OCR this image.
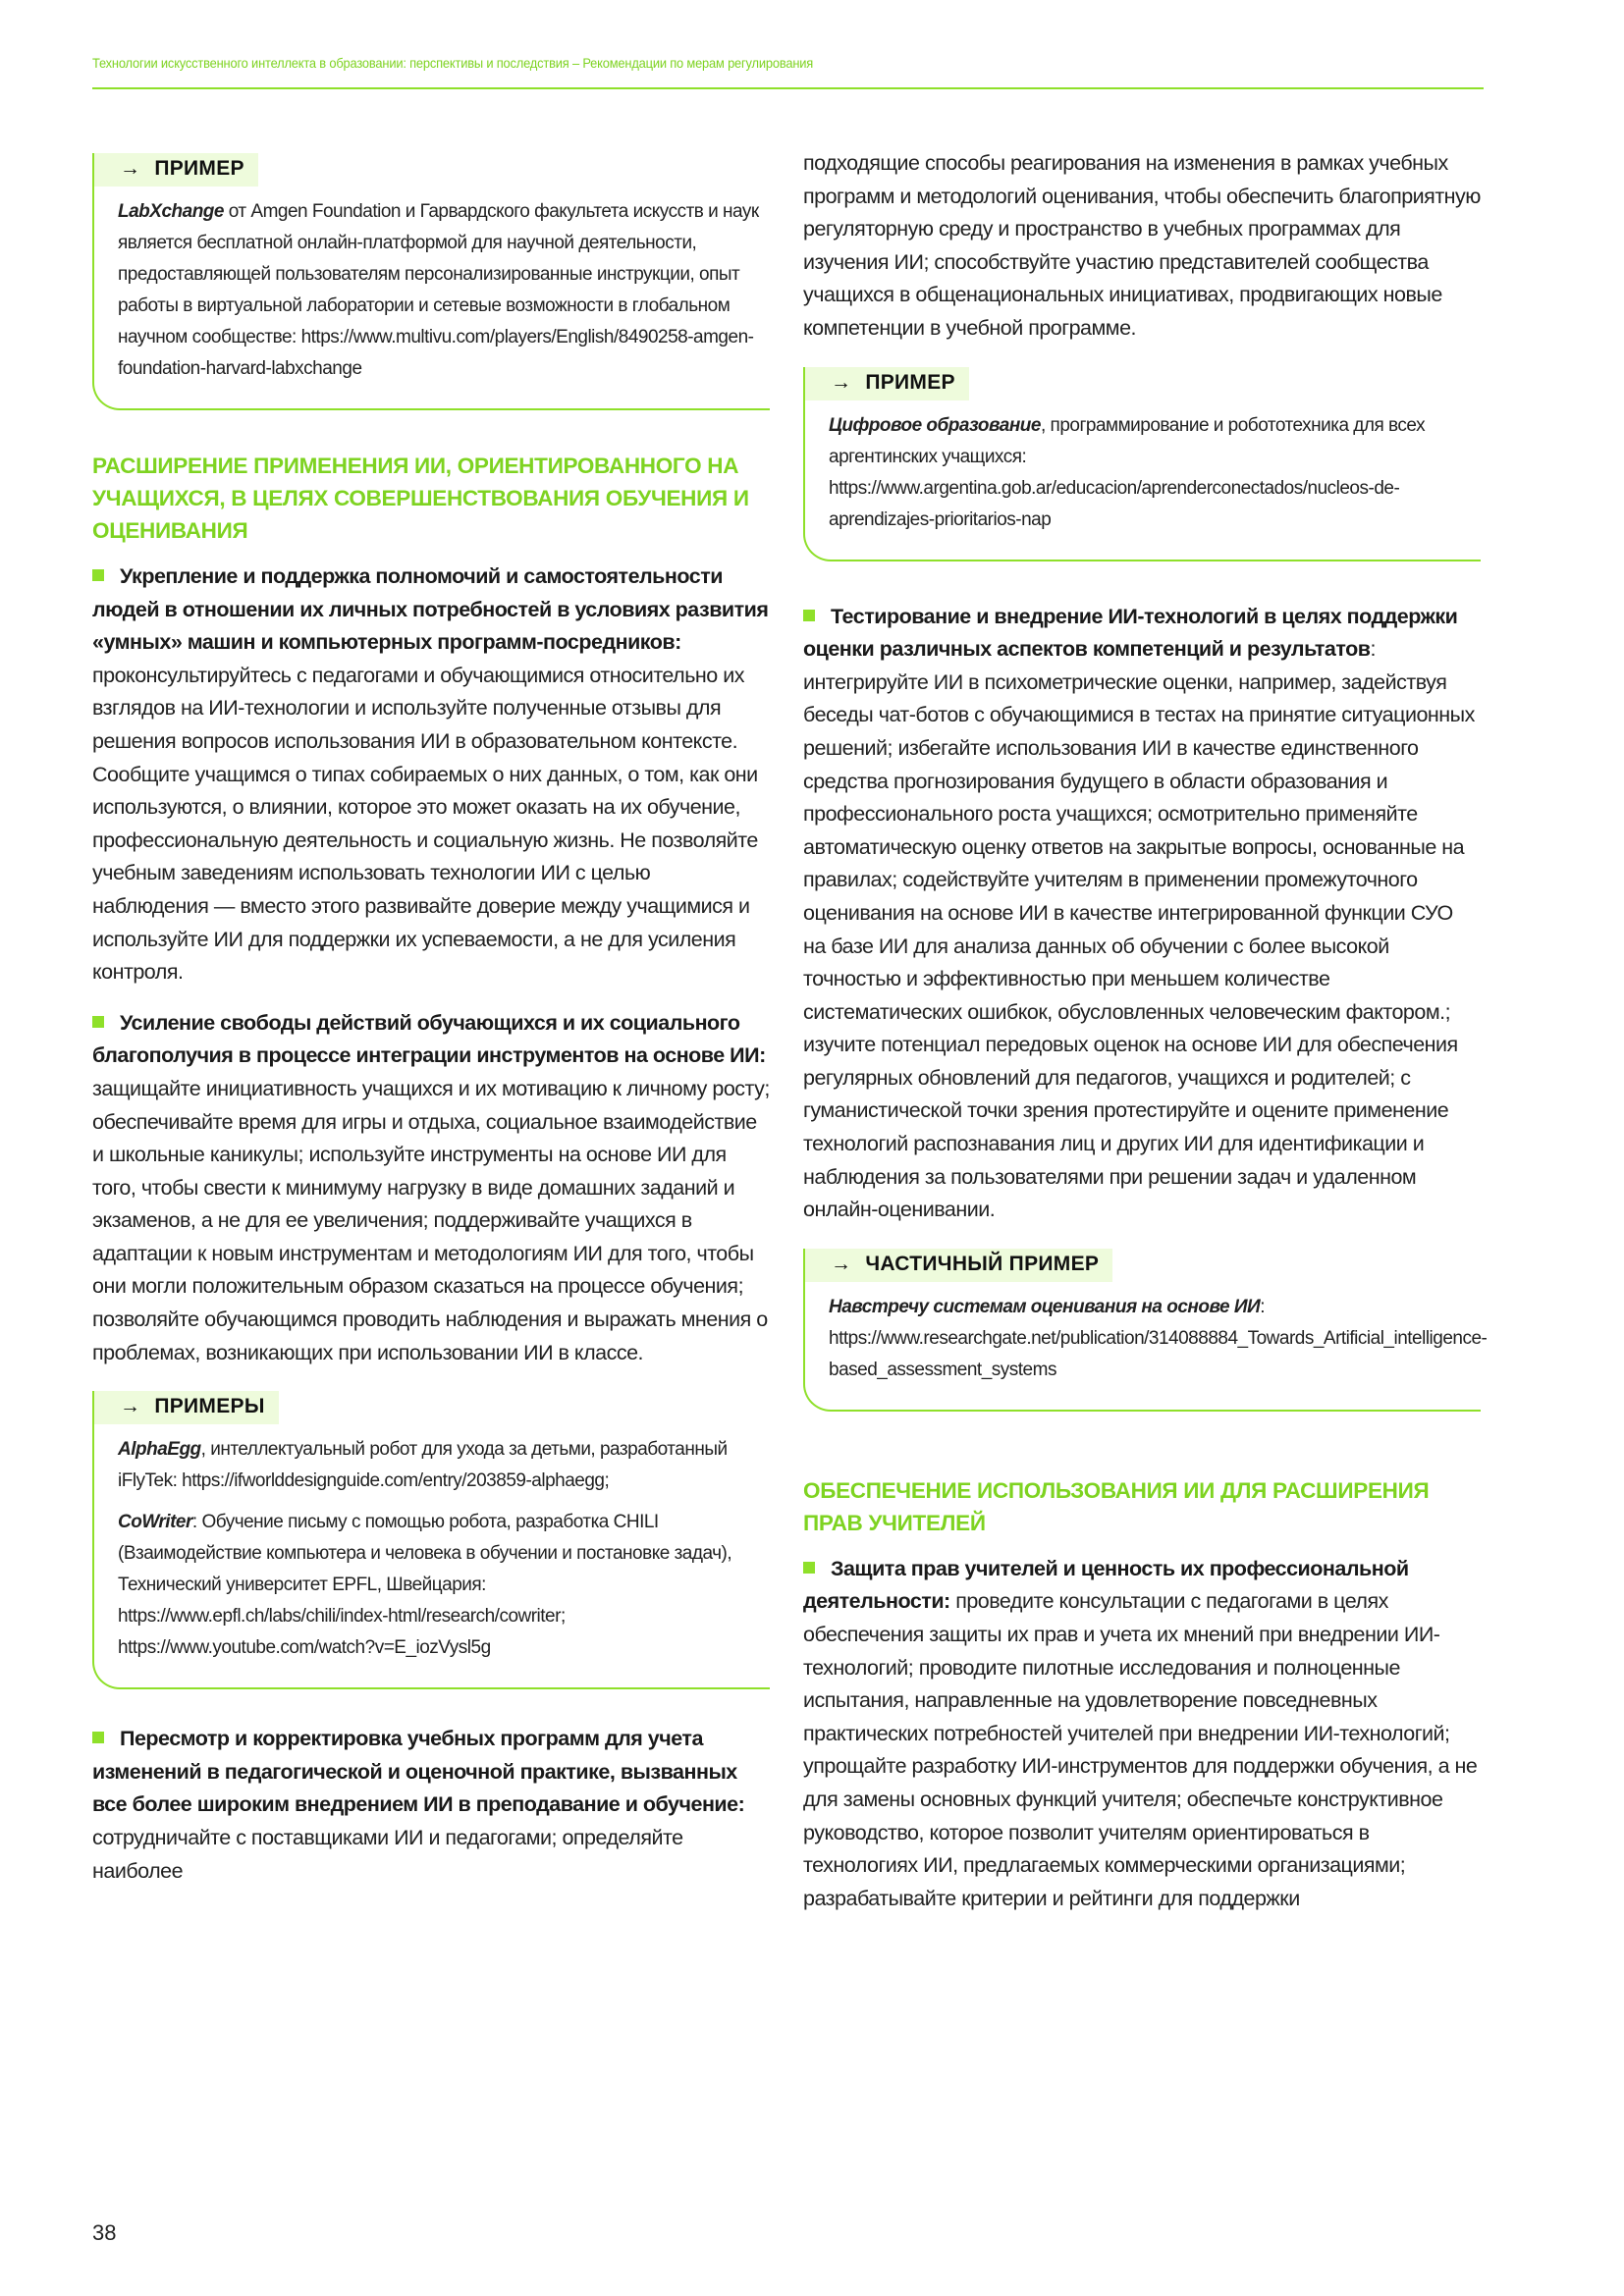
Технологии искусственного интеллекта в образовании: перспективы и последствия – Рекомендации по мерам регулирования
→ ПРИМЕР

LabXchange от Amgen Foundation и Гарвардского факультета искусств и наук является бесплатной онлайн-платформой для научной деятельности, предоставляющей пользователям персонализированные инструкции, опыт работы в виртуальной лаборатории и сетевые возможности в глобальном научном сообществе: https://www.multivu.com/players/English/8490258-amgen-foundation-harvard-labxchange

РАСШИРЕНИЕ ПРИМЕНЕНИЯ ИИ, ОРИЕНТИРОВАННОГО НА УЧАЩИХСЯ, В ЦЕЛЯХ СОВЕРШЕНСТВОВАНИЯ ОБУЧЕНИЯ И ОЦЕНИВАНИЯ

Укрепление и поддержка полномочий и самостоятельности людей в отношении их личных потребностей в условиях развития «умных» машин и компьютерных программ-посредников: проконсультируйтесь с педагогами и обучающимися относительно их взглядов на ИИ-технологии и используйте полученные отзывы для решения вопросов использования ИИ в образовательном контексте. Сообщите учащимся о типах собираемых о них данных, о том, как они используются, о влиянии, которое это может оказать на их обучение, профессиональную деятельность и социальную жизнь. Не позволяйте учебным заведениям использовать технологии ИИ с целью наблюдения — вместо этого развивайте доверие между учащимися и используйте ИИ для поддержки их успеваемости, а не для усиления контроля.

Усиление свободы действий обучающихся и их социального благополучия в процессе интеграции инструментов на основе ИИ: защищайте инициативность учащихся и их мотивацию к личному росту; обеспечивайте время для игры и отдыха, социальное взаимодействие и школьные каникулы; используйте инструменты на основе ИИ для того, чтобы свести к минимуму нагрузку в виде домашних заданий и экзаменов, а не для ее увеличения; поддерживайте учащихся в адаптации к новым инструментам и методологиям ИИ для того, чтобы они могли положительным образом сказаться на процессе обучения; позволяйте обучающимся проводить наблюдения и выражать мнения о проблемах, возникающих при использовании ИИ в классе.

→ ПРИМЕРЫ

AlphaEgg, интеллектуальный робот для ухода за детьми, разработанный iFlyTek: https://ifworlddesignguide.com/entry/203859-alphaegg;

CoWriter: Обучение письму с помощью робота, разработка CHILI (Взаимодействие компьютера и человека в обучении и постановке задач), Технический университет EPFL, Швейцария: https://www.epfl.ch/labs/chili/index-html/research/cowriter; https://www.youtube.com/watch?v=E_iozVysl5g

Пересмотр и корректировка учебных программ для учета изменений в педагогической и оценочной практике, вызванных все более широким внедрением ИИ в преподавание и обучение: сотрудничайте с поставщиками ИИ и педагогами; определяйте наиболее

подходящие способы реагирования на изменения в рамках учебных программ и методологий оценивания, чтобы обеспечить благоприятную регуляторную среду и пространство в учебных программах для изучения ИИ; способствуйте участию представителей сообщества учащихся в общенациональных инициативах, продвигающих новые компетенции в учебной программе.

→ ПРИМЕР

Цифровое образование, программирование и робототехника для всех аргентинских учащихся: https://www.argentina.gob.ar/educacion/aprenderconectados/nucleos-de-aprendizajes-prioritarios-nap

Тестирование и внедрение ИИ-технологий в целях поддержки оценки различных аспектов компетенций и результатов: интегрируйте ИИ в психометрические оценки, например, задействуя беседы чат-ботов с обучающимися в тестах на принятие ситуационных решений; избегайте использования ИИ в качестве единственного средства прогнозирования будущего в области образования и профессионального роста учащихся; осмотрительно применяйте автоматическую оценку ответов на закрытые вопросы, основанные на правилах; содействуйте учителям в применении промежуточного оценивания на основе ИИ в качестве интегрированной функции СУО на базе ИИ для анализа данных об обучении с более высокой точностью и эффективностью при меньшем количестве систематических ошибкок, обусловленных человеческим фактором.; изучите потенциал передовых оценок на основе ИИ для обеспечения регулярных обновлений для педагогов, учащихся и родителей; с гуманистической точки зрения протестируйте и оцените применение технологий распознавания лиц и других ИИ для идентификации и наблюдения за пользователями при решении задач и удаленном онлайн-оценивании.

→ ЧАСТИЧНЫЙ ПРИМЕР

Навстречу системам оценивания на основе ИИ: https://www.researchgate.net/publication/314088884_Towards_Artificial_intelligence-based_assessment_systems

ОБЕСПЕЧЕНИЕ ИСПОЛЬЗОВАНИЯ ИИ ДЛЯ РАСШИРЕНИЯ ПРАВ УЧИТЕЛЕЙ

Защита прав учителей и ценность их профессиональной деятельности: проведите консультации с педагогами в целях обеспечения защиты их прав и учета их мнений при внедрении ИИ-технологий; проводите пилотные исследования и полноценные испытания, направленные на удовлетворение повседневных практических потребностей учителей при внедрении ИИ-технологий; упрощайте разработку ИИ-инструментов для поддержки обучения, а не для замены основных функций учителя; обеспечьте конструктивное руководство, которое позволит учителям ориентироваться в технологиях ИИ, предлагаемых коммерческими организациями; разрабатывайте критерии и рейтинги для поддержки

38
